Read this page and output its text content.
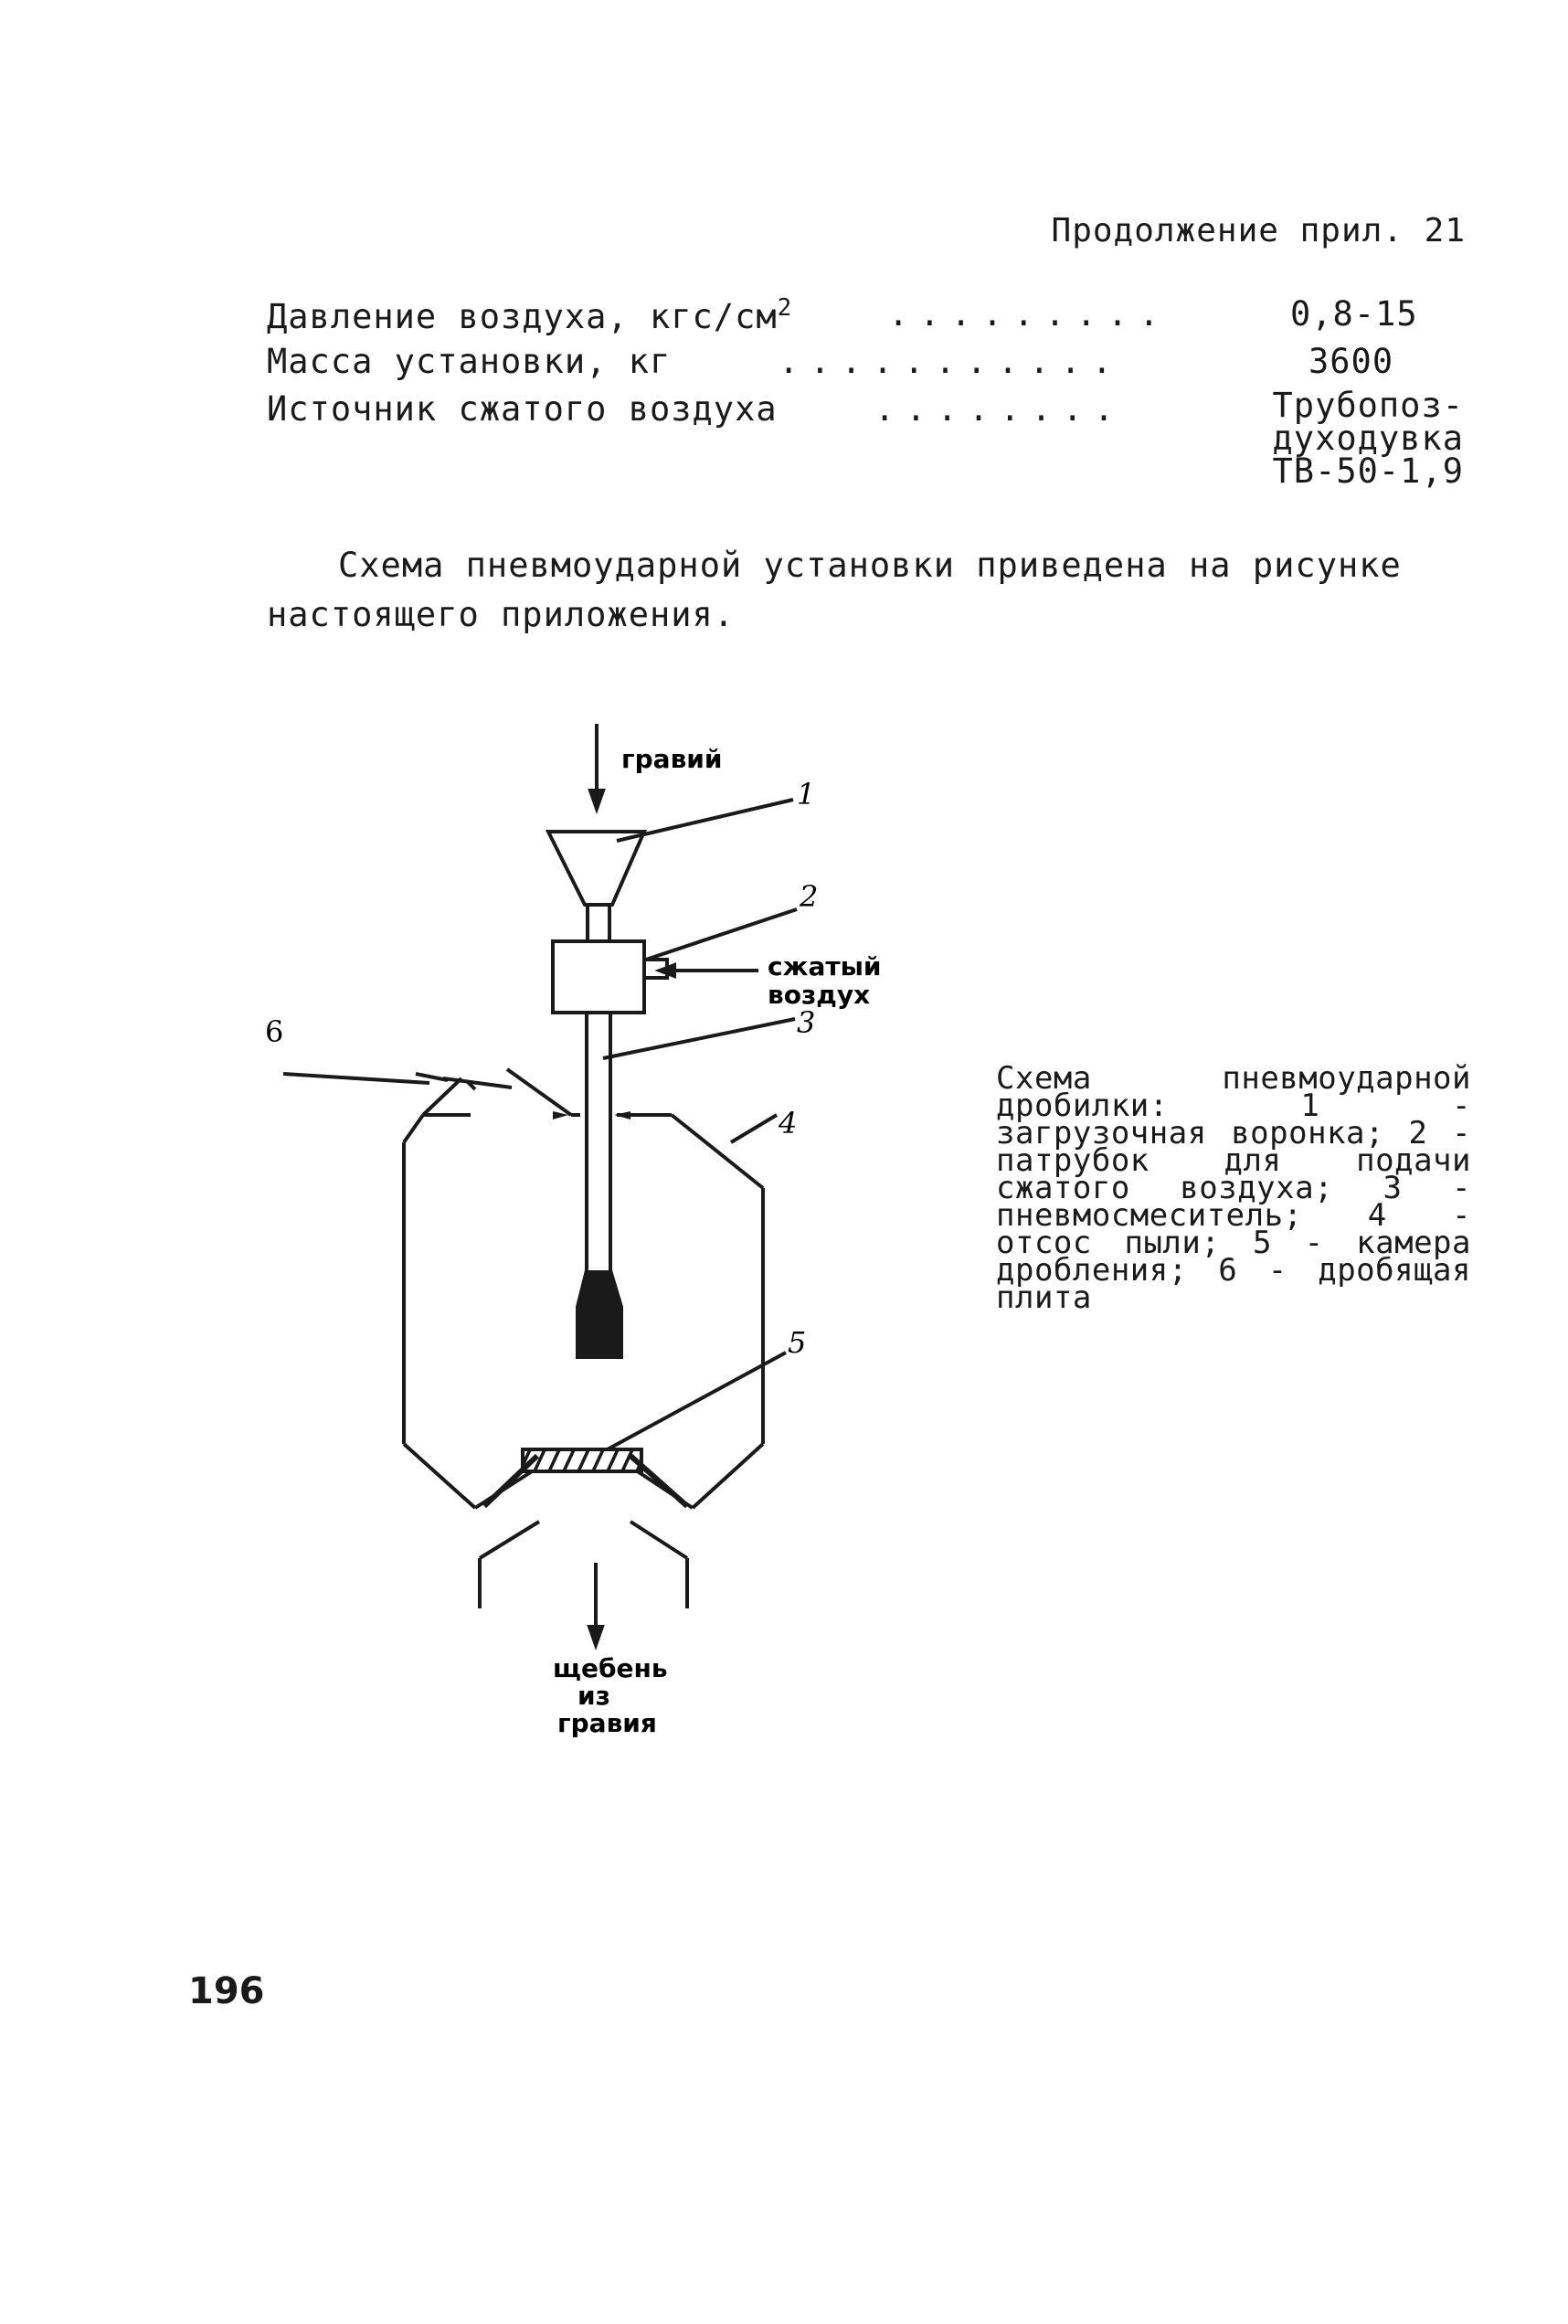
Продолжение прил. 21
Давление воздуха, кгс/$см^2$	.........	0,8-15
Масса установки, кг	...........	3600
Источник сжатого воздуха	........	Трубопоз-
духодувка
ТВ-50-1,9
Схема пневмоударной установки приведена на рисунке настоящего приложения.
гравий
1
2
сжатый
воздух
3
6
4
5
щебень
из
гравия
Схема пневмоударной дробилки: 1 - загрузочная воронка; 2 - патрубок для подачи сжатого воздуха; 3 - пневмосмеситель; 4 - отсос пыли; 5 - камера дробления; 6 - дробящая плита
196
